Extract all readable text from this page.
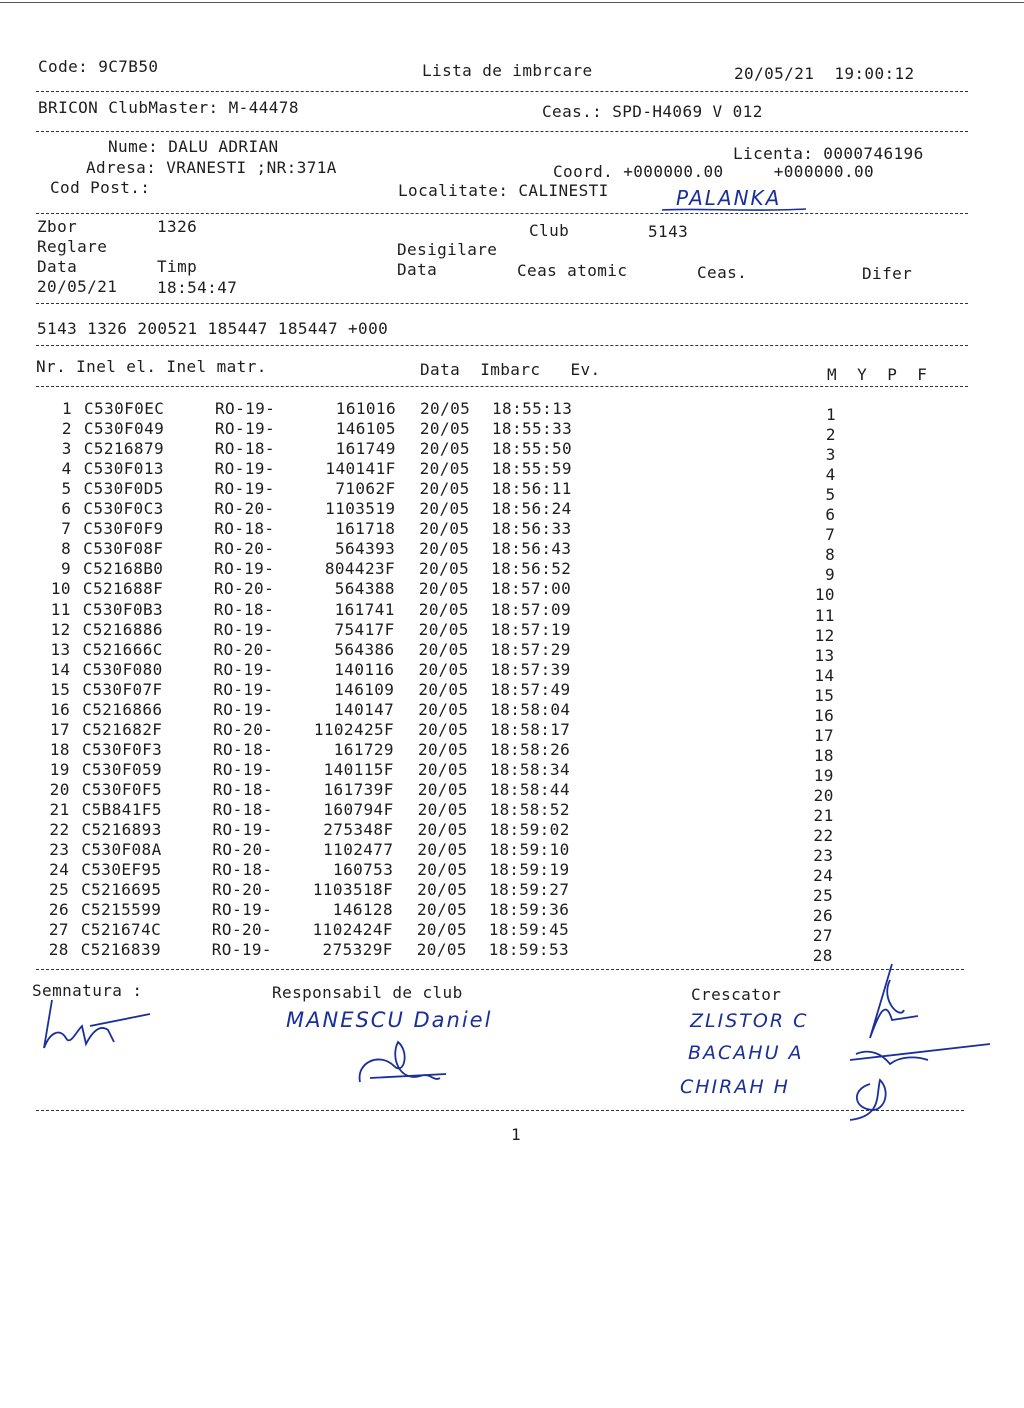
Code: 9C7B50	Lista de imbrcare	20/05/21  19:00:12
BRICON ClubMaster: M-44478	Ceas.: SPD-H4069 V 012
Nume: DALU ADRIAN	Licenta: 0000746196
Adresa: VRANESTI ;NR:371A	Coord. +000000.00     +000000.00
Cod Post.:	Localitate: CALINESTI	PALANKA
Zbor	1326	Club	5143
Reglare	Desigilare
Data	Timp	Data	Ceas atomic	Ceas.	Difer
20/05/21 18:54:47
5143 1326 200521 185447 185447 +000
Nr. Inel el. Inel matr.	Data  Imbarc   Ev.	M  Y  P  F
1 C530F0EC	RO-19-	161016 20/05 18:55:13	1
2 C530F049	RO-19-	146105 20/05 18:55:33	2
3 C5216879	RO-18-	161749 20/05 18:55:50	3
4 C530F013	RO-19-	140141F 20/05 18:55:59	4
5 C530F0D5	RO-19-	71062F 20/05 18:56:11	5
6 C530F0C3	RO-20-	1103519 20/05 18:56:24	6
7 C530F0F9	RO-18-	161718 20/05 18:56:33	7
8 C530F08F	RO-20-	564393 20/05 18:56:43	8
9 C52168B0	RO-19-	804423F 20/05 18:56:52	9
10 C521688F	RO-20-	564388 20/05 18:57:00	10
11 C530F0B3	RO-18-	161741 20/05 18:57:09	11
12 C5216886	RO-19-	75417F 20/05 18:57:19	12
13 C521666C	RO-20-	564386 20/05 18:57:29	13
14 C530F080	RO-19-	140116 20/05 18:57:39	14
15 C530F07F	RO-19-	146109 20/05 18:57:49	15
16 C5216866	RO-19-	140147 20/05 18:58:04	16
17 C521682F	RO-20-	1102425F 20/05 18:58:17	17
18 C530F0F3	RO-18-	161729 20/05 18:58:26	18
19 C530F059	RO-19-	140115F 20/05 18:58:34	19
20 C530F0F5	RO-18-	161739F 20/05 18:58:44	20
21 C5B841F5	RO-18-	160794F 20/05 18:58:52	21
22 C5216893	RO-19-	275348F 20/05 18:59:02	22
23 C530F08A	RO-20-	1102477 20/05 18:59:10	23
24 C530EF95	RO-18-	160753 20/05 18:59:19	24
25 C5216695	RO-20-	1103518F 20/05 18:59:27	25
26 C5215599	RO-19-	146128 20/05 18:59:36	26
27 C521674C	RO-20-	1102424F 20/05 18:59:45	27
28 C5216839	RO-19-	275329F 20/05 18:59:53	28
Semnatura :	Responsabil de club	Crescator
MANESCU Daniel	ZLISTOR C
BACAHU A
CHIRAH H
1
